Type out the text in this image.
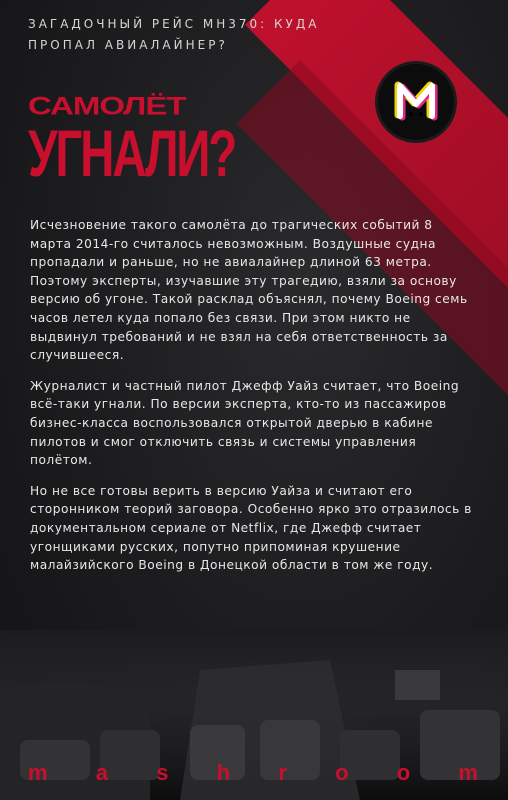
ЗАГАДОЧНЫЙ РЕЙС MH370: КУДА ПРОПАЛ АВИАЛАЙНЕР?
САМОЛЁТ
УГНАЛИ?

Исчезновение такого самолёта до трагических событий 8 марта 2014-го считалось невозможным. Воздушные судна пропадали и раньше, но не авиалайнер длиной 63 метра. Поэтому эксперты, изучавшие эту трагедию, взяли за основу версию об угоне. Такой расклад объяснял, почему Boeing семь часов летел куда попало без связи. При этом никто не выдвинул требований и не взял на себя ответственность за случившееся.

Журналист и частный пилот Джефф Уайз считает, что Boeing всё-таки угнали. По версии эксперта, кто-то из пассажиров бизнес-класса воспользовался открытой дверью в кабине пилотов и смог отключить связь и системы управления полётом.

Но не все готовы верить в версию Уайза и считают его сторонником теорий заговора. Особенно ярко это отразилось в документальном сериале от Netflix, где Джефф считает угонщиками русских, попутно припоминая крушение малайзийского Boeing в Донецкой области в том же году.

m a s h r o o m
